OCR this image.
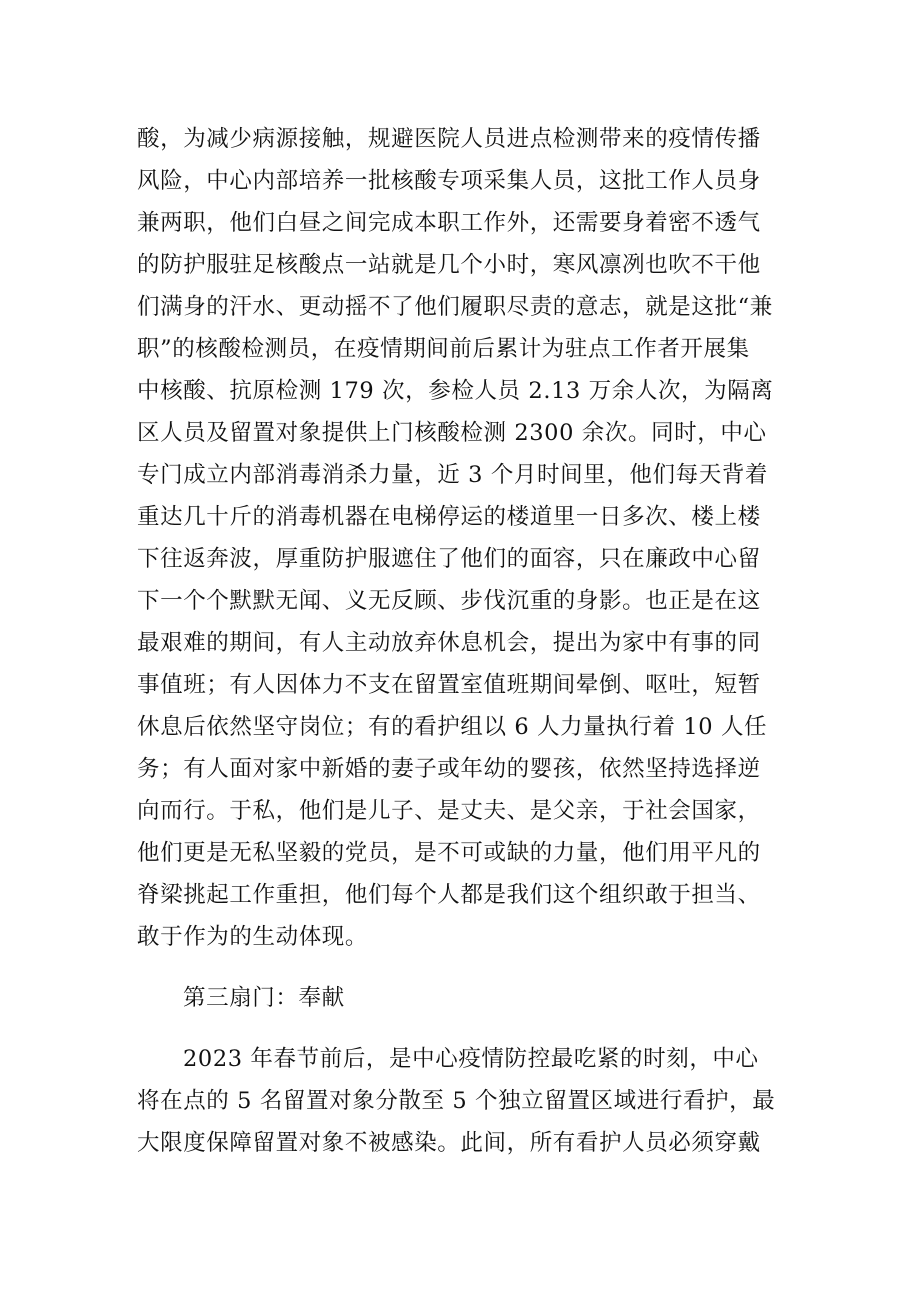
酸，为减少病源接触，规避医院人员进点检测带来的疫情传播
风险，中心内部培养一批核酸专项采集人员，这批工作人员身
兼两职，他们白昼之间完成本职工作外，还需要身着密不透气
的防护服驻足核酸点一站就是几个小时，寒风凛冽也吹不干他
们满身的汗水、更动摇不了他们履职尽责的意志，就是这批“兼
职”的核酸检测员，在疫情期间前后累计为驻点工作者开展集
中核酸、抗原检测 179 次，参检人员 2.13 万余人次，为隔离
区人员及留置对象提供上门核酸检测 2300 余次。同时，中心
专门成立内部消毒消杀力量，近 3 个月时间里，他们每天背着
重达几十斤的消毒机器在电梯停运的楼道里一日多次、楼上楼
下往返奔波，厚重防护服遮住了他们的面容，只在廉政中心留
下一个个默默无闻、义无反顾、步伐沉重的身影。也正是在这
最艰难的期间，有人主动放弃休息机会，提出为家中有事的同
事值班；有人因体力不支在留置室值班期间晕倒、呕吐，短暂
休息后依然坚守岗位；有的看护组以 6 人力量执行着 10 人任
务；有人面对家中新婚的妻子或年幼的婴孩，依然坚持选择逆
向而行。于私，他们是儿子、是丈夫、是父亲，于社会国家，
他们更是无私坚毅的党员，是不可或缺的力量，他们用平凡的
脊梁挑起工作重担，他们每个人都是我们这个组织敢于担当、
敢于作为的生动体现。
第三扇门：奉献
2023 年春节前后，是中心疫情防控最吃紧的时刻，中心
将在点的 5 名留置对象分散至 5 个独立留置区域进行看护，最
大限度保障留置对象不被感染。此间，所有看护人员必须穿戴
